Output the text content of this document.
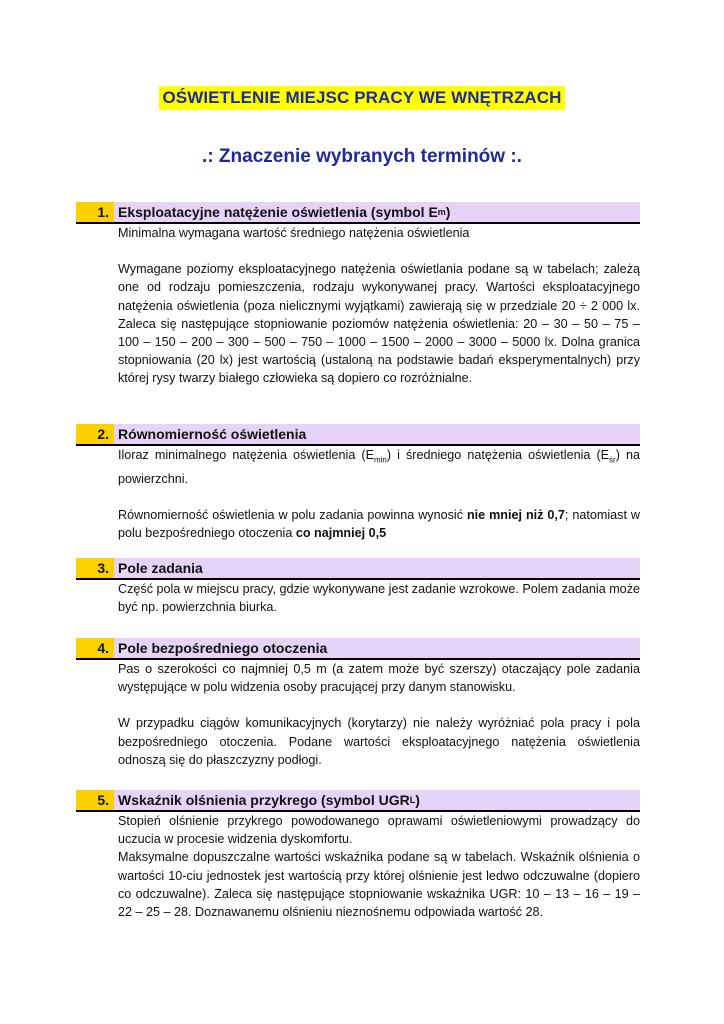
OŚWIETLENIE MIEJSC PRACY WE WNĘTRZACH
.: Znaczenie wybranych terminów :.
1. Eksploatacyjne natężenie oświetlenia (symbol E m )

Minimalna wymagana wartość średniego natężenia oświetlenia

Wymagane poziomy eksploatacyjnego natężenia oświetlania podane są w tabelach; zależą one od rodzaju pomieszczenia, rodzaju wykonywanej pracy. Wartości eksploatacyjnego natężenia oświetlenia (poza nielicznymi wyjątkami) zawierają się w przedziale 20 ÷ 2 000 lx. Zaleca się następujące stopniowanie poziomów natężenia oświetlenia: 20 – 30 – 50 – 75 – 100 – 150 – 200 – 300 – 500 – 750 – 1000 – 1500 – 2000 – 3000 – 5000 lx. Dolna granica stopniowania (20 lx) jest wartością (ustaloną na podstawie badań eksperymentalnych) przy której rysy twarzy białego człowieka są dopiero co rozróżnialne.

2. Równomierność oświetlenia

Iloraz minimalnego natężenia oświetlenia $(E_{min})$ i średniego natężenia oświetlenia $(E_{śr})$ na powierzchni.

Równomierność oświetlenia w polu zadania powinna wynosić nie mniej niż 0,7; natomiast w polu bezpośredniego otoczenia co najmniej 0,5

3. Pole zadania

Część pola w miejscu pracy, gdzie wykonywane jest zadanie wzrokowe. Polem zadania może być np. powierzchnia biurka.

4. Pole bezpośredniego otoczenia

Pas o szerokości co najmniej 0,5 m (a zatem może być szerszy) otaczający pole zadania występujące w polu widzenia osoby pracującej przy danym stanowisku.

W przypadku ciągów komunikacyjnych (korytarzy) nie należy wyróżniać pola pracy i pola bezpośredniego otoczenia. Podane wartości eksploatacyjnego natężenia oświetlenia odnoszą się do płaszczyzny podłogi.

5. Wskaźnik olśnienia przykrego (symbol UGR L )

Stopień olśnienie przykrego powodowanego oprawami oświetleniowymi prowadzący do uczucia w procesie widzenia dyskomfortu.

Maksymalne dopuszczalne wartości wskaźnika podane są w tabelach. Wskaźnik olśnienia o wartości 10-ciu jednostek jest wartością przy której olśnienie jest ledwo odczuwalne (dopiero co odczuwalne). Zaleca się następujące stopniowanie wskaźnika UGR: 10 – 13 – 16 – 19 – 22 – 25 – 28. Doznawanemu olśnieniu nieznośnemu odpowiada wartość 28.
